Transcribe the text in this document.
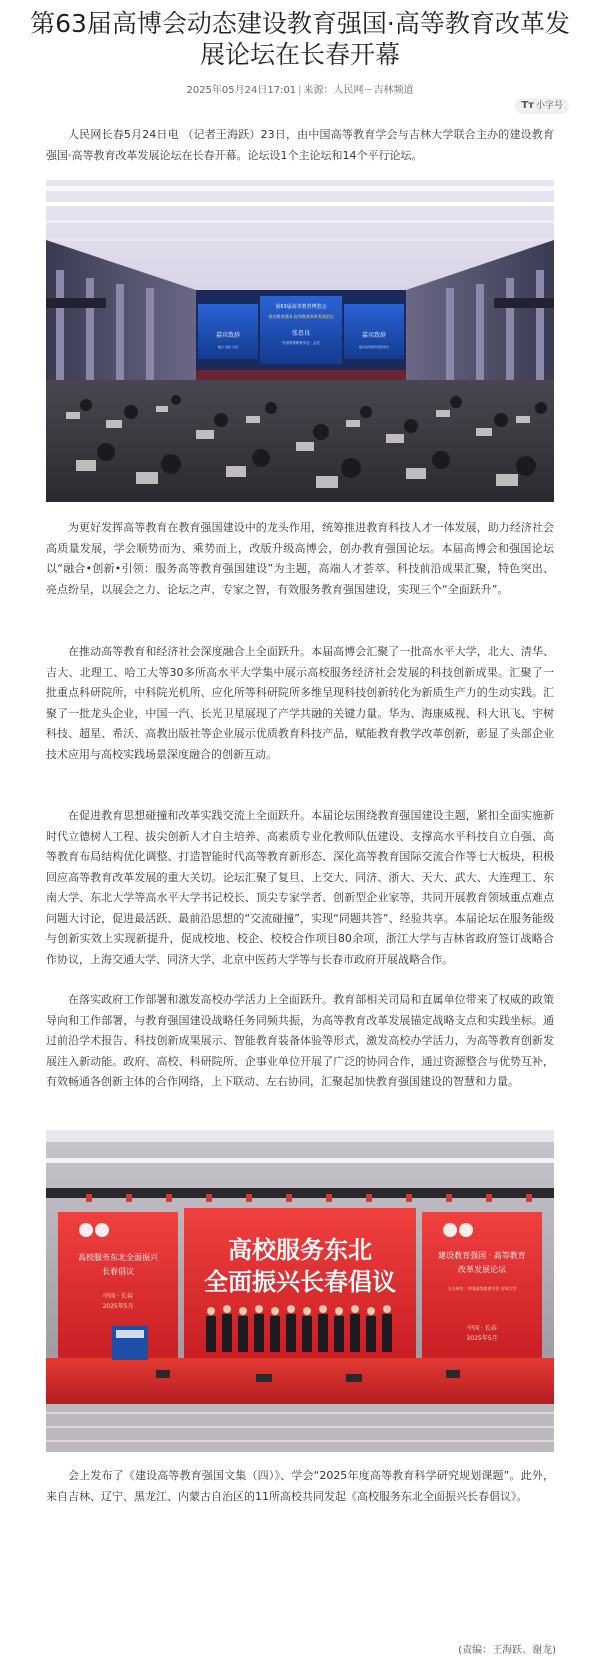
第63届高博会动态建设教育强国·高等教育改革发展论坛在长春开幕
2025年05月24日17:01 | 来源：人民网－吉林频道
Tт 小字号

人民网长春5月24日电 （记者王海跃）23日，由中国高等教育学会与吉林大学联合主办的建设教育强国·高等教育改革发展论坛在长春开幕。论坛设1个主论坛和14个平行论坛。

第63届高等教育博览会
建设教育强国·高等教育改革发展论坛
张思良
中国高等教育学会 · 会长
嘉宾致辞	嘉宾致辞
融合·创新·引领	服务高等教育强国建设

为更好发挥高等教育在教育强国建设中的龙头作用，统筹推进教育科技人才一体发展，助力经济社会高质量发展，学会顺势而为、乘势而上，改版升级高博会，创办教育强国论坛。本届高博会和强国论坛以“融合•创新•引领：服务高等教育强国建设”为主题，高端人才荟萃、科技前沿成果汇聚，特色突出、亮点纷呈，以展会之力、论坛之声、专家之智，有效服务教育强国建设，实现三个“全面跃升”。

在推动高等教育和经济社会深度融合上全面跃升。本届高博会汇聚了一批高水平大学，北大、清华、吉大、北理工、哈工大等30多所高水平大学集中展示高校服务经济社会发展的科技创新成果。汇聚了一批重点科研院所，中科院光机所、应化所等科研院所多维呈现科技创新转化为新质生产力的生动实践。汇聚了一批龙头企业，中国一汽、长光卫星展现了产学共融的关键力量。华为、海康威视、科大讯飞、宇树科技、超星、希沃、高教出版社等企业展示优质教育科技产品，赋能教育教学改革创新，彰显了头部企业技术应用与高校实践场景深度融合的创新互动。

在促进教育思想碰撞和改革实践交流上全面跃升。本届论坛围绕教育强国建设主题，紧扣全面实施新时代立德树人工程、拔尖创新人才自主培养、高素质专业化教师队伍建设、支撑高水平科技自立自强、高等教育布局结构优化调整、打造智能时代高等教育新形态、深化高等教育国际交流合作等七大板块，积极回应高等教育改革发展的重大关切。论坛汇聚了复旦、上交大、同济、浙大、天大、武大、大连理工、东南大学、东北大学等高水平大学书记校长、顶尖专家学者、创新型企业家等，共同开展教育领域重点难点问题大讨论，促进最活跃、最前沿思想的“交流碰撞”，实现“同题共答”、经验共享。本届论坛在服务能级与创新实效上实现新提升，促成校地、校企、校校合作项目80余项，浙江大学与吉林省政府签订战略合作协议，上海交通大学、同济大学、北京中医药大学等与长春市政府开展战略合作。

在落实政府工作部署和激发高校办学活力上全面跃升。教育部相关司局和直属单位带来了权威的政策导向和工作部署，与教育强国建设战略任务同频共振，为高等教育改革发展锚定战略支点和实践坐标。通过前沿学术报告、科技创新成果展示、智能教育装备体验等形式，激发高校办学活力，为高等教育创新发展注入新动能。政府、高校、科研院所、企事业单位开展了广泛的协同合作，通过资源整合与优势互补，有效畅通各创新主体的合作网络，上下联动、左右协同，汇聚起加快教育强国建设的智慧和力量。

高校服务东北全面振兴
长春倡议
中国 · 长春
2025年5月
高校服务东北
全面振兴长春倡议
建设教育强国 · 高等教育
改革发展论坛
主办单位：中国高等教育学会 吉林大学
中国 · 长春
2025年5月

会上发布了《建设高等教育强国文集（四）》、学会“2025年度高等教育科学研究规划课题”。此外，来自吉林、辽宁、黑龙江、内蒙古自治区的11所高校共同发起《高校服务东北全面振兴长春倡议》。

(责编：王海跃、谢龙)
